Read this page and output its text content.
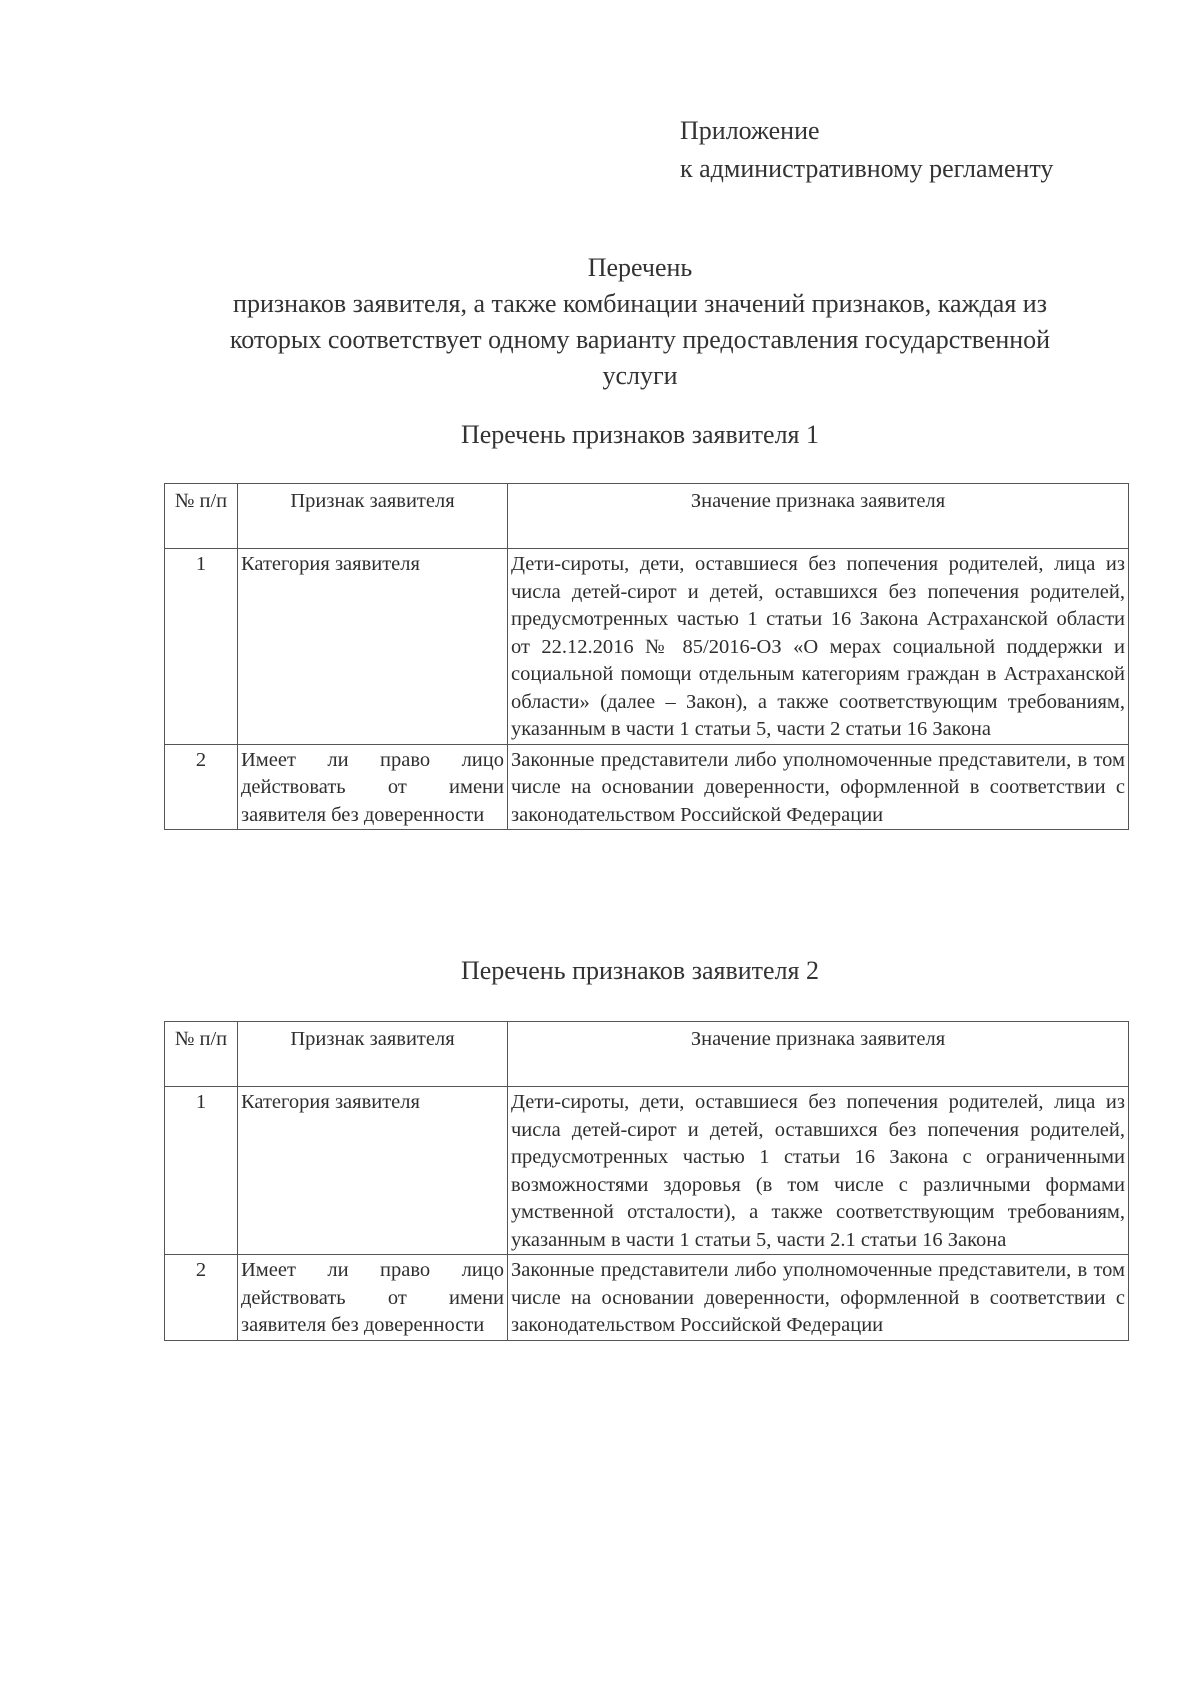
Приложение
к административному регламенту
Перечень
признаков заявителя, а также комбинации значений признаков, каждая из
которых соответствует одному варианту предоставления государственной
услуги
Перечень признаков заявителя 1
№ п/п	Признак заявителя	Значение признака заявителя
1	Категория заявителя	Дети-сироты, дети, оставшиеся без попечения родителей, лица из числа детей-сирот и детей, оставшихся без попечения родителей, предусмотренных частью 1 статьи 16 Закона Астраханской области от 22.12.2016 № 85/2016-ОЗ «О мерах социальной поддержки и социальной помощи отдельным категориям граждан в Астраханской области» (далее – Закон), а также соответствующим требованиям, указанным в части 1 статьи 5, части 2 статьи 16 Закона
2	Имеет ли право лицо действовать от имени заявителя без доверенности	Законные представители либо уполномоченные представители, в том числе на основании доверенности, оформленной в соответствии с законодательством Российской Федерации
Перечень признаков заявителя 2
№ п/п	Признак заявителя	Значение признака заявителя
1	Категория заявителя	Дети-сироты, дети, оставшиеся без попечения родителей, лица из числа детей-сирот и детей, оставшихся без попечения родителей, предусмотренных частью 1 статьи 16 Закона с ограниченными возможностями здоровья (в том числе с различными формами умственной отсталости), а также соответствующим требованиям, указанным в части 1 статьи 5, части 2.1 статьи 16 Закона
2	Имеет ли право лицо действовать от имени заявителя без доверенности	Законные представители либо уполномоченные представители, в том числе на основании доверенности, оформленной в соответствии с законодательством Российской Федерации
